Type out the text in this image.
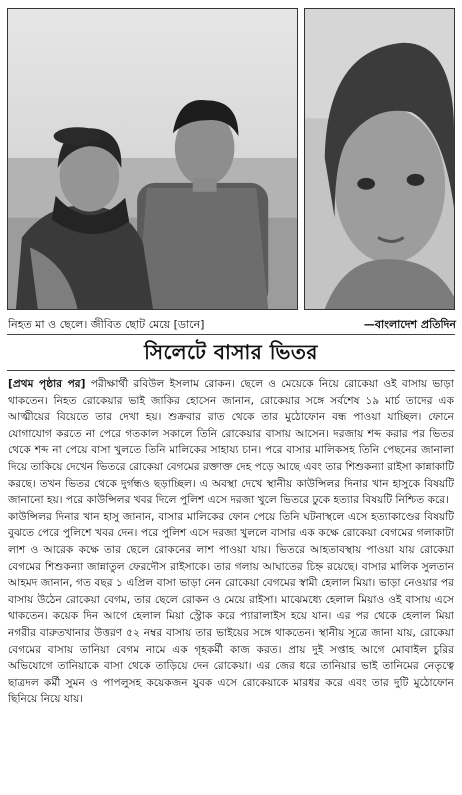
নিহত মা ও ছেলে। জীবিত ছোট মেয়ে [ডানে]	—বাংলাদেশ প্রতিদিন
সিলেটে বাসার ভিতর

[প্রথম পৃষ্ঠার পর] পরীক্ষার্থী রবিউল ইসলাম রোকন। ছেলে ও মেয়েকে নিয়ে রোকেয়া ওই বাসায় ভাড়া থাকতেন। নিহত রোকেয়ার ভাই জাকির হোসেন জানান, রোকেয়ার সঙ্গে সর্বশেষ ১৯ মার্চ তাদের এক আত্মীয়ের বিয়েতে তার দেখা হয়। শুক্রবার রাত থেকে তার মুঠোফোন বন্ধ পাওয়া যাচ্ছিল। ফোনে যোগাযোগ করতে না পেরে গতকাল সকালে তিনি রোকেয়ার বাসায় আসেন। দরজায় শব্দ করার পর ভিতর থেকে শব্দ না পেয়ে বাসা খুলতে তিনি মালিকের সাহায্য চান। পরে বাসার মালিকসহ তিনি পেছনের জানালা দিয়ে তাকিয়ে দেখেন ভিতরে রোকেয়া বেগমের রক্তাক্ত দেহ পড়ে আছে এবং তার শিশুকন্যা রাইসা কান্নাকাটি করছে। তখন ভিতর থেকে দুর্গন্ধও ছড়াচ্ছিল। এ অবস্থা দেখে স্থানীয় কাউন্সিলর দিনার খান হাসুকে বিষয়টি জানানো হয়। পরে কাউন্সিলর খবর দিলে পুলিশ এসে দরজা খুলে ভিতরে ঢুকে হত্যার বিষয়টি নিশ্চিত করে।

কাউন্সিলর দিনার খান হাসু জানান, বাসার মালিকের ফোন পেয়ে তিনি ঘটনাস্থলে এসে হত্যাকাণ্ডের বিষয়টি বুঝতে পেরে পুলিশে খবর দেন। পরে পুলিশ এসে দরজা খুললে বাসার এক কক্ষে রোকেয়া বেগমের গলাকাটা লাশ ও আরেক কক্ষে তার ছেলে রোকনের লাশ পাওয়া যায়। ভিতরে আহতাবস্থায় পাওয়া যায় রোকেয়া বেগমের শিশুকন্যা জান্নাতুল ফেরদৌস রাইসাকে। তার গলায় আঘাতের চিহ্ন রয়েছে। বাসার মালিক সুলতান আহমদ জানান, গত বছর ১ এপ্রিল বাসা ভাড়া নেন রোকেয়া বেগমের স্বামী হেলাল মিয়া। ভাড়া নেওয়ার পর বাসায় উঠেন রোকেয়া বেগম, তার ছেলে রোকন ও মেয়ে রাইসা। মাঝেমধ্যে হেলাল মিয়াও ওই বাসায় এসে থাকতেন। কয়েক দিন আগে হেলাল মিয়া স্ট্রোক করে প্যারালাইস হয়ে যান। এর পর থেকে হেলাল মিয়া নগরীর বারুতখানার উত্তরণ ৫২ নম্বর বাসায় তার ভাইয়ের সঙ্গে থাকতেন। স্থানীয় সূত্রে জানা যায়, রোকেয়া বেগমের বাসায় তানিয়া বেগম নামে এক গৃহকর্মী কাজ করত। প্রায় দুই সপ্তাহ আগে মোবাইল চুরির অভিযোগে তানিয়াকে বাসা থেকে তাড়িয়ে দেন রোকেয়া। এর জের ধরে তানিয়ার ভাই তানিমের নেতৃত্বে ছাত্রদল কর্মী সুমন ও পাপলুসহ কয়েকজন যুবক এসে রোকেয়াকে মারধর করে এবং তার দুটি মুঠোফোন ছিনিয়ে নিয়ে যায়।
